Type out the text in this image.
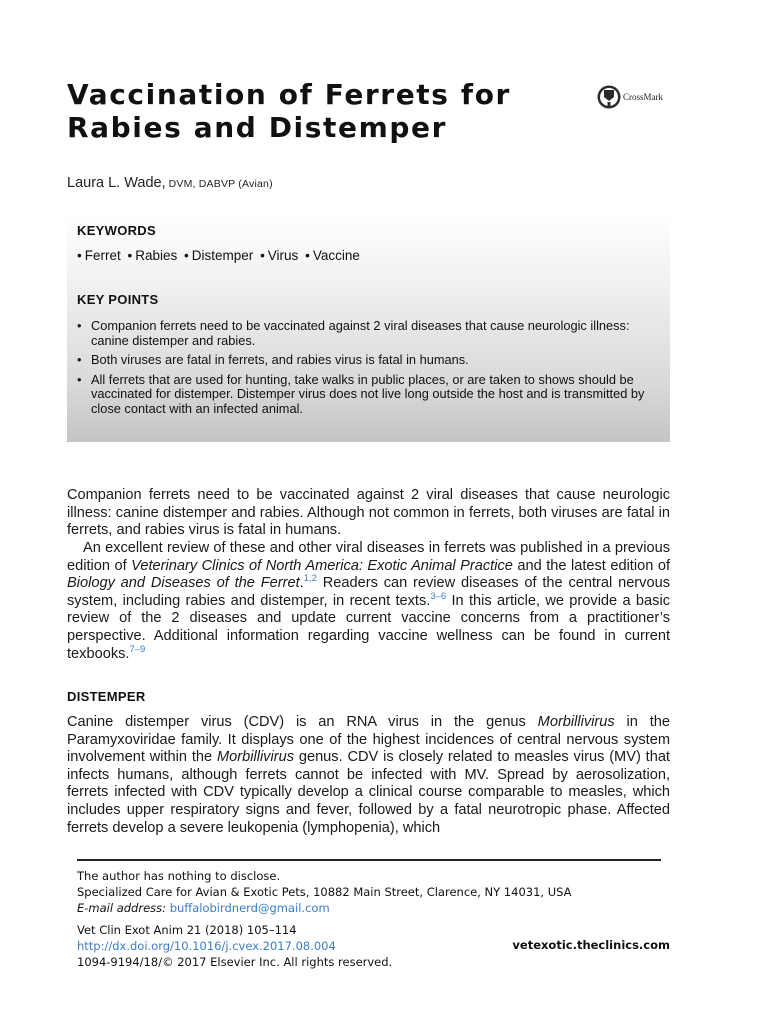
Vaccination of Ferrets for
Rabies and Distemper
CrossMark
Laura L. Wade, DVM, DABVP (Avian)
KEYWORDS
• Ferret • Rabies • Distemper • Virus • Vaccine
KEY POINTS
• Companion ferrets need to be vaccinated against 2 viral diseases that cause neurologic illness: canine distemper and rabies.
• Both viruses are fatal in ferrets, and rabies virus is fatal in humans.
• All ferrets that are used for hunting, take walks in public places, or are taken to shows should be vaccinated for distemper. Distemper virus does not live long outside the host and is transmitted by close contact with an infected animal.

Companion ferrets need to be vaccinated against 2 viral diseases that cause neurologic illness: canine distemper and rabies. Although not common in ferrets, both viruses are fatal in ferrets, and rabies virus is fatal in humans.

An excellent review of these and other viral diseases in ferrets was published in a previous edition of Veterinary Clinics of North America: Exotic Animal Practice and the latest edition of Biology and Diseases of the Ferret.$^{1,2}$ Readers can review diseases of the central nervous system, including rabies and distemper, in recent texts.$^{3-6}$ In this article, we provide a basic review of the 2 diseases and update current vaccine concerns from a practitioner’s perspective. Additional information regarding vaccine wellness can be found in current texbooks.$^{7-9}$

DISTEMPER

Canine distemper virus (CDV) is an RNA virus in the genus Morbillivirus in the Paramyxoviridae family. It displays one of the highest incidences of central nervous system involvement within the Morbillivirus genus. CDV is closely related to measles virus (MV) that infects humans, although ferrets cannot be infected with MV. Spread by aerosolization, ferrets infected with CDV typically develop a clinical course comparable to measles, which includes upper respiratory signs and fever, followed by a fatal neurotropic phase. Affected ferrets develop a severe leukopenia (lymphopenia), which

The author has nothing to disclose.
Specialized Care for Avian & Exotic Pets, 10882 Main Street, Clarence, NY 14031, USA
E-mail address: buffalobirdnerd@gmail.com
Vet Clin Exot Anim 21 (2018) 105–114
http://dx.doi.org/10.1016/j.cvex.2017.08.004
1094-9194/18/© 2017 Elsevier Inc. All rights reserved.
vetexotic.theclinics.com
